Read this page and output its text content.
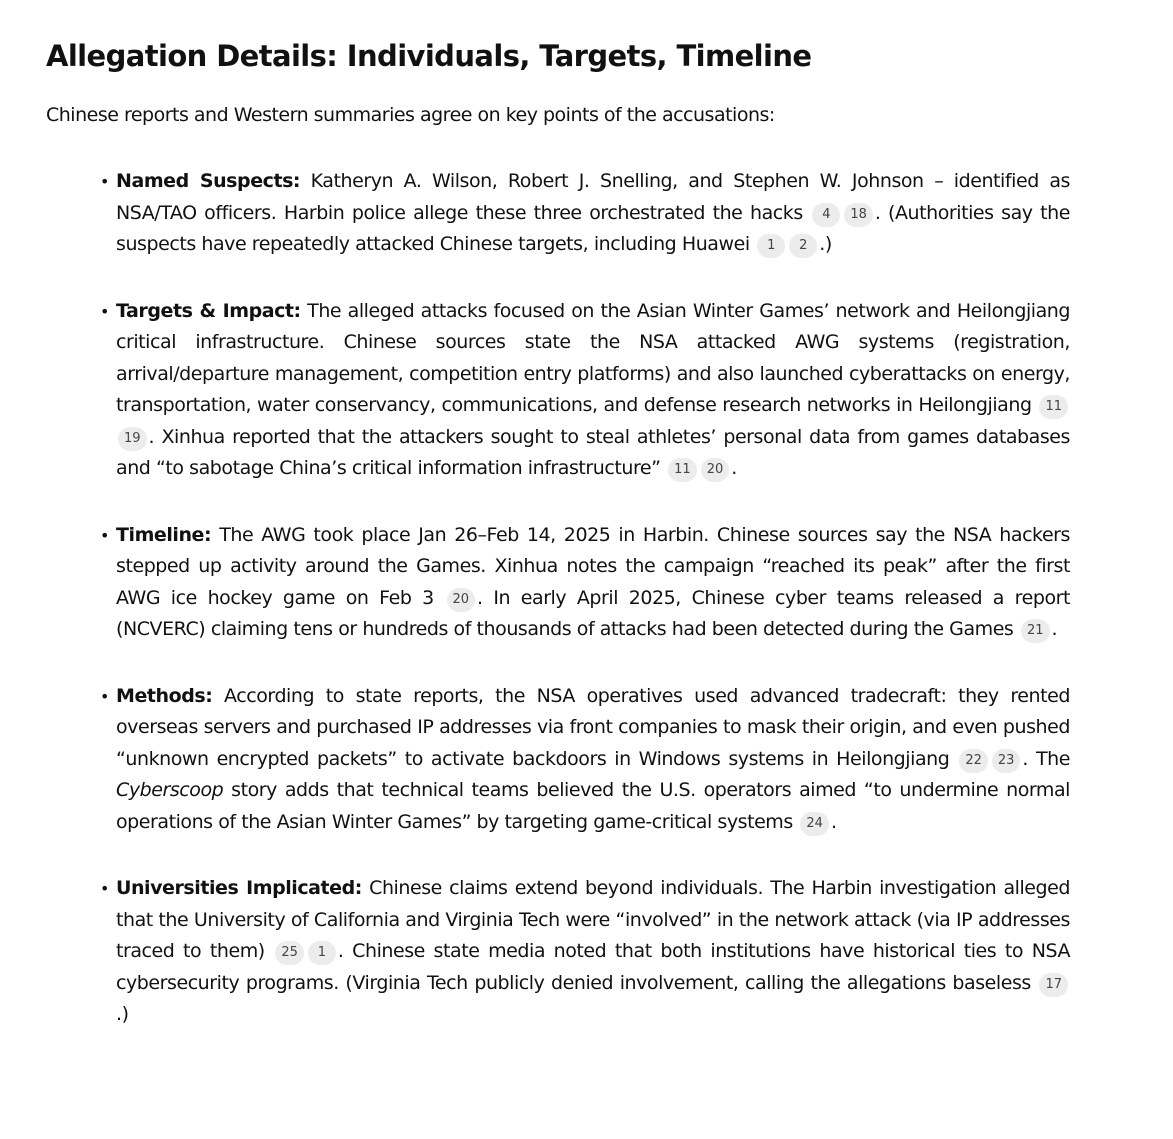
Allegation Details: Individuals, Targets, Timeline

Chinese reports and Western summaries agree on key points of the accusations:

• Named Suspects: Katheryn A. Wilson, Robert J. Snelling, and Stephen W. Johnson – identified as NSA/TAO officers. Harbin police allege these three orchestrated the hacks 4 18 . (Authorities say the suspects have repeatedly attacked Chinese targets, including Huawei 1 2 .)
• Targets & Impact: The alleged attacks focused on the Asian Winter Games’ network and Heilongjiang critical infrastructure. Chinese sources state the NSA attacked AWG systems (registration, arrival/departure management, competition entry platforms) and also launched cyberattacks on energy, transportation, water conservancy, communications, and defense research networks in Heilongjiang 1119 . Xinhua reported that the attackers sought to steal athletes’ personal data from games databases and “to sabotage China’s critical information infrastructure” 11 20 .
• Timeline: The AWG took place Jan 26–Feb 14, 2025 in Harbin. Chinese sources say the NSA hackers stepped up activity around the Games. Xinhua notes the campaign “reached its peak” after the first AWG ice hockey game on Feb 3 20 . In early April 2025, Chinese cyber teams released a report (NCVERC) claiming tens or hundreds of thousands of attacks had been detected during the Games 21 .
• Methods: According to state reports, the NSA operatives used advanced tradecraft: they rented overseas servers and purchased IP addresses via front companies to mask their origin, and even pushed “unknown encrypted packets” to activate backdoors in Windows systems in Heilongjiang 22 23 . The Cyberscoop story adds that technical teams believed the U.S. operators aimed “to undermine normal operations of the Asian Winter Games” by targeting game-critical systems 24 .
• Universities Implicated: Chinese claims extend beyond individuals. The Harbin investigation alleged that the University of California and Virginia Tech were “involved” in the network attack (via IP addresses traced to them) 25 1 . Chinese state media noted that both institutions have historical ties to NSA cybersecurity programs. (Virginia Tech publicly denied involvement, calling the allegations baseless 17.)
